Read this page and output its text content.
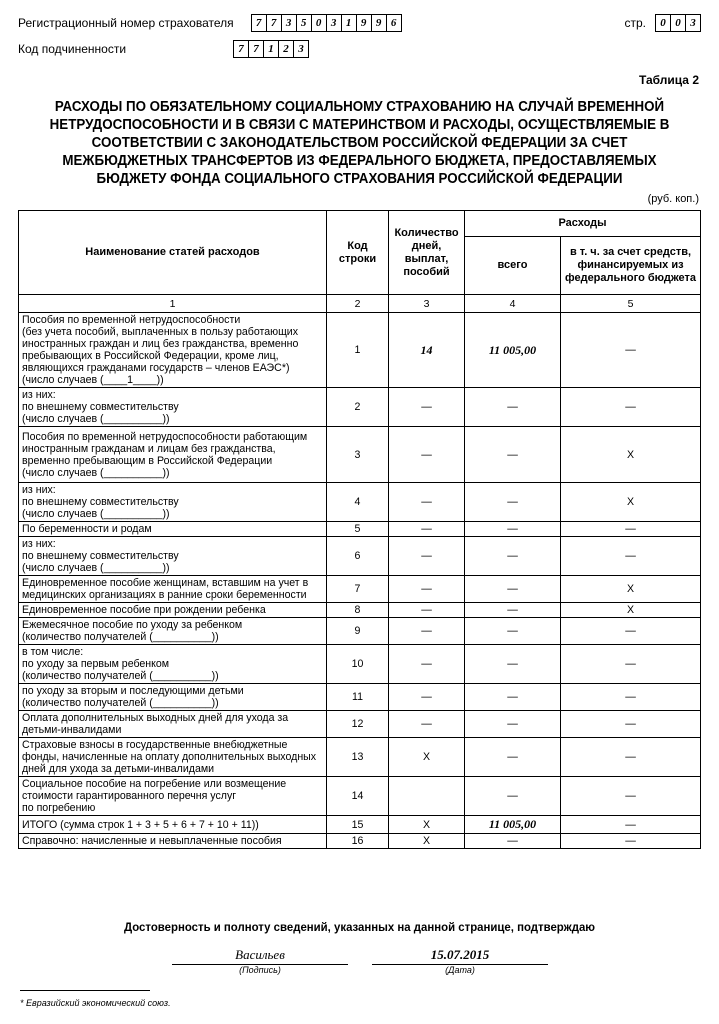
Регистрационный номер страхователя	7 7 3 5 0 3 1 9 9 6
Код подчиненности	7 7 1 2 3
стр.	0 0 3
Таблица 2
РАСХОДЫ ПО ОБЯЗАТЕЛЬНОМУ СОЦИАЛЬНОМУ СТРАХОВАНИЮ НА СЛУЧАЙ ВРЕМЕННОЙ НЕТРУДОСПОСОБНОСТИ И В СВЯЗИ С МАТЕРИНСТВОМ И РАСХОДЫ, ОСУЩЕСТВЛЯЕМЫЕ В СООТВЕТСТВИИ С ЗАКОНОДАТЕЛЬСТВОМ РОССИЙСКОЙ ФЕДЕРАЦИИ ЗА СЧЕТ МЕЖБЮДЖЕТНЫХ ТРАНСФЕРТОВ ИЗ ФЕДЕРАЛЬНОГО БЮДЖЕТА, ПРЕДОСТАВЛЯЕМЫХ БЮДЖЕТУ ФОНДА СОЦИАЛЬНОГО СТРАХОВАНИЯ РОССИЙСКОЙ ФЕДЕРАЦИИ
(руб. коп.)
Наименование статей расходов	Код строки	Количество дней, выплат, пособий	Расходы	
			всего	в т. ч. за счет средств, финансируемых из федерального бюджета
1	2	3	4	5
Пособия по временной нетрудоспособности
(без учета пособий, выплаченных в пользу работающих иностранных граждан и лиц без гражданства, временно пребывающих в Российской Федерации, кроме лиц, являющихся гражданами государств – членов ЕАЭС*)
(число случаев (____1____))	1	14	11 005,00	—
из них:
по внешнему совместительству
(число случаев (__________))	2	—	—	—
Пособия по временной нетрудоспособности работающим иностранным гражданам и лицам без гражданства, временно пребывающим в Российской Федерации
(число случаев (__________))	3	—	—	Х
из них:
по внешнему совместительству
(число случаев (__________))	4	—	—	Х
По беременности и родам	5	—	—	—
из них:
по внешнему совместительству
(число случаев (__________))	6	—	—	—
Единовременное пособие женщинам, вставшим на учет в медицинских организациях в ранние сроки беременности	7	—	—	Х
Единовременное пособие при рождении ребенка	8	—	—	Х
Ежемесячное пособие по уходу за ребенком
(количество получателей (__________))	9	—	—	—
в том числе:
по уходу за первым ребенком
(количество получателей (__________))	10	—	—	—
по уходу за вторым и последующими детьми
(количество получателей (__________))	11	—	—	—
Оплата дополнительных выходных дней для ухода за детьми-инвалидами	12	—	—	—
Страховые взносы в государственные внебюджетные фонды, начисленные на оплату дополнительных выходных дней для ухода за детьми-инвалидами	13	Х	—	—
Социальное пособие на погребение или возмещение стоимости гарантированного перечня услуг
по погребению	14		—	—
ИТОГО (сумма строк 1 + 3 + 5 + 6 + 7 + 10 + 11))	15	Х	11 005,00	—
Справочно: начисленные и невыплаченные пособия	16	Х	—	—
Достоверность и полноту сведений, указанных на данной странице, подтверждаю
Васильев
(Подпись)
15.07.2015
(Дата)
* Евразийский экономический союз.
